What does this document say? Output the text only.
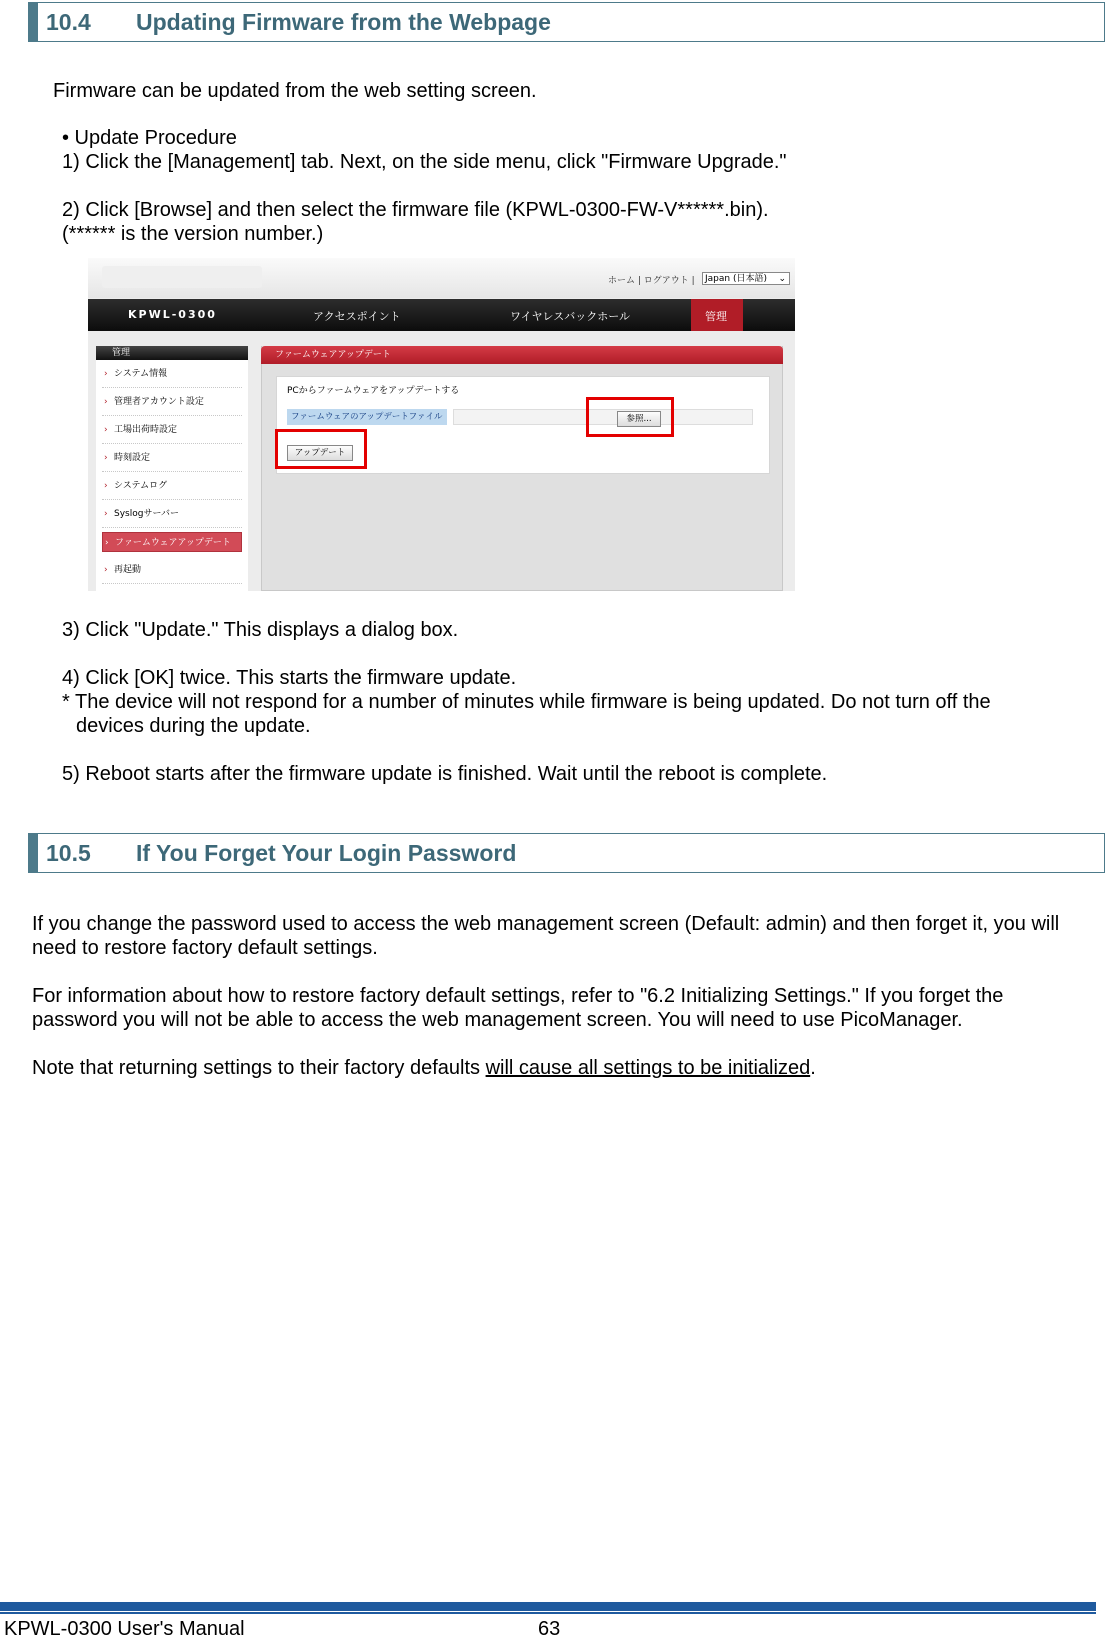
10.4 Updating Firmware from the Webpage
Firmware can be updated from the web setting screen.
• Update Procedure
1) Click the [Management] tab. Next, on the side menu, click "Firmware Upgrade."
2) Click [Browse] and then select the firmware file (KPWL-0300-FW-V******.bin).
(****** is the version number.)
ホーム | ログアウト |	Japan (日本語) ⌄
KPWL-0300	アクセスポイント	ワイヤレスバックホール	管理
管理
› システム情報
› 管理者アカウント設定
› 工場出荷時設定
› 時刻設定
› システムログ
› Syslogサーバー
› ファームウェアアップデート
› 再起動
ファームウェアアップデート
PCからファームウェアをアップデートする
ファームウェアのアップデートファイル	参照...
アップデート
3) Click "Update." This displays a dialog box.
4) Click [OK] twice. This starts the firmware update.
* The device will not respond for a number of minutes while firmware is being updated. Do not turn off the
devices during the update.
5) Reboot starts after the firmware update is finished. Wait until the reboot is complete.
10.5 If You Forget Your Login Password
If you change the password used to access the web management screen (Default: admin) and then forget it, you will
need to restore factory default settings.
For information about how to restore factory default settings, refer to "6.2 Initializing Settings." If you forget the
password you will not be able to access the web management screen. You will need to use PicoManager.
Note that returning settings to their factory defaults will cause all settings to be initialized.
KPWL-0300 User's Manual	63
